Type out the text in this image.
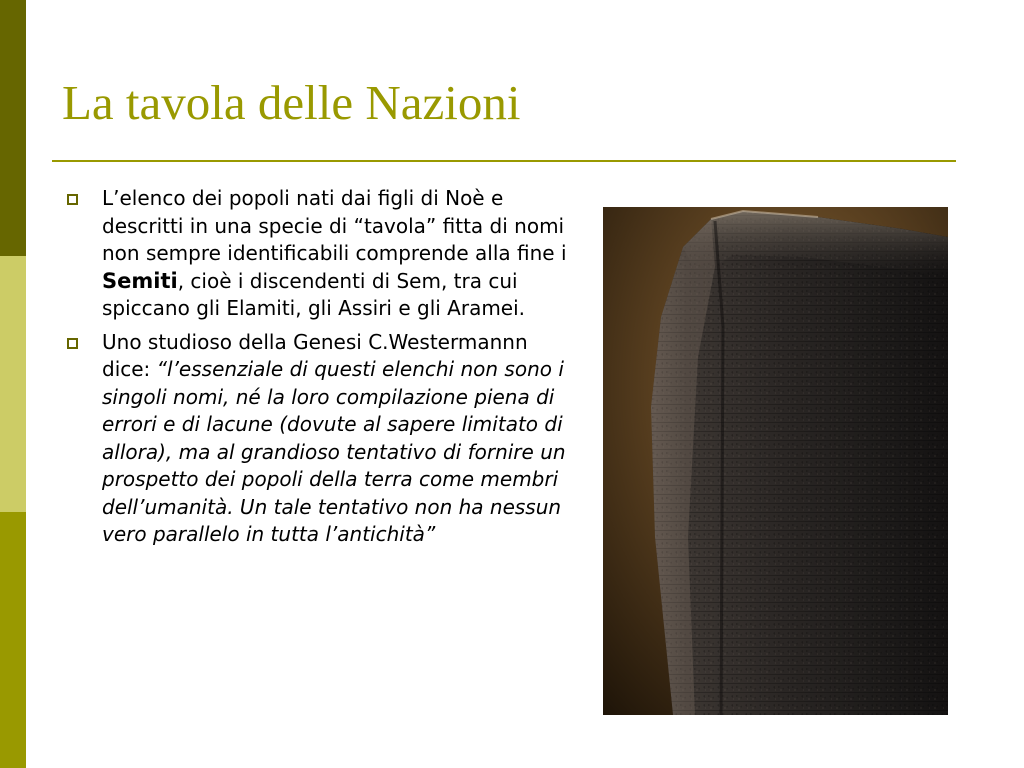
La tavola delle Nazioni
L’elenco dei popoli nati dai figli di Noè e descritti in una specie di “tavola” fitta di nomi non sempre identificabili comprende alla fine i Semiti, cioè i discendenti di Sem, tra cui spiccano gli Elamiti, gli Assiri e gli Aramei.
Uno studioso della Genesi C.Westermannn dice: “l’essenziale di questi elenchi non sono i singoli nomi, né la loro compilazione piena di errori e di lacune (dovute al sapere limitato di allora), ma al grandioso tentativo di fornire un prospetto dei popoli della terra come membri dell’umanità. Un tale tentativo non ha nessun vero parallelo in tutta l’antichità”
